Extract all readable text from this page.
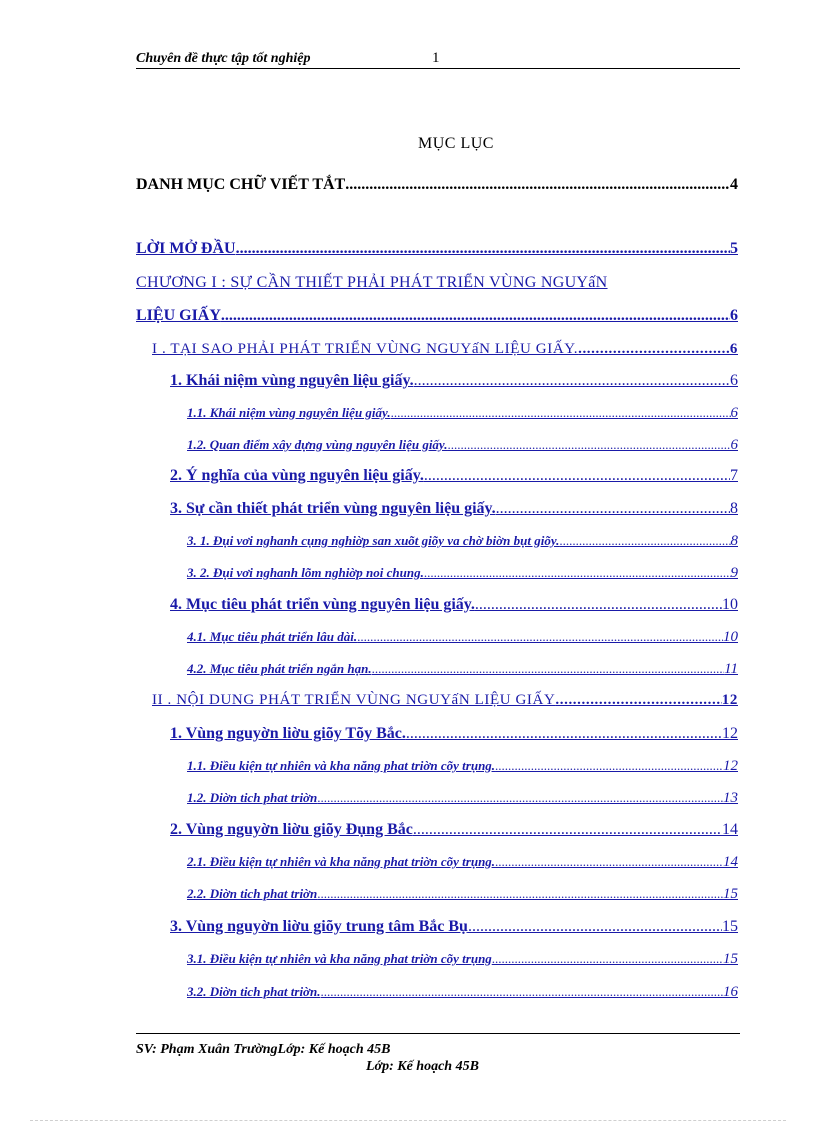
Chuyên đề thực tập tốt nghiệp	1
MỤC LỤC
DANH MỤC CHỮ VIẾT TẮT .....	4
LỜI MỞ ĐẦU .....	5
CHƯƠNG I : SỰ CẦN THIẾT PHẢI PHÁT TRIỂN VÙNG NGUYấN
LIỆU GIẤY .....	6
I . TẠI SAO PHẢI PHÁT TRIỂN VÙNG NGUYấN LIỆU GIẤY. .....	6
1. Khái niệm vùng nguyên liệu giấy. .....	6
1.1. Khái niệm vùng nguyên liệu giấy. .....	6
1.2. Quan điểm xây dựng vùng nguyên liệu giấy. .....	6
2. Ý nghĩa của vùng nguyên liệu giấy. .....	7
3. Sự cần thiết phát triển vùng nguyên liệu giấy. .....	8
3. 1. Đụi vơi nghanh cụng nghiờp san xuõt giõy va chờ biờn bụt giõy. .....	8
3. 2. Đụi vơi nghanh lõm nghiờp noi chung. .....	9
4. Mục tiêu phát triển vùng nguyên liệu giấy. .....	10
4.1. Mục tiêu phát triển lâu dài. .....	10
4.2. Mục tiêu phát triển ngắn hạn. .....	11
II . NỘI DUNG PHÁT TRIỂN VÙNG NGUYấN LIỆU GIẤY .....	12
1. Vùng nguyờn liờu giõy Tõy Bắc. .....	12
1.1. Điều kiện tự nhiên và kha năng phat triờn cõy trụng. .....	12
1.2. Diờn tich phat triờn .....	13
2. Vùng nguyờn liờu giõy Đụng Bắc .....	14
2.1. Điều kiện tự nhiên và kha năng phat triờn cõy trụng. .....	14
2.2. Diờn tich phat triờn .....	15
3. Vùng nguyờn liờu giõy trung tâm Bắc Bụ .....	15
3.1. Điều kiện tự nhiên và kha năng phat triờn cõy trụng .....	15
3.2. Diờn tich phat triờn. .....	16
SV: Phạm Xuân TrườngLớp: Kế hoạch 45B
Lớp: Kế hoạch 45B
